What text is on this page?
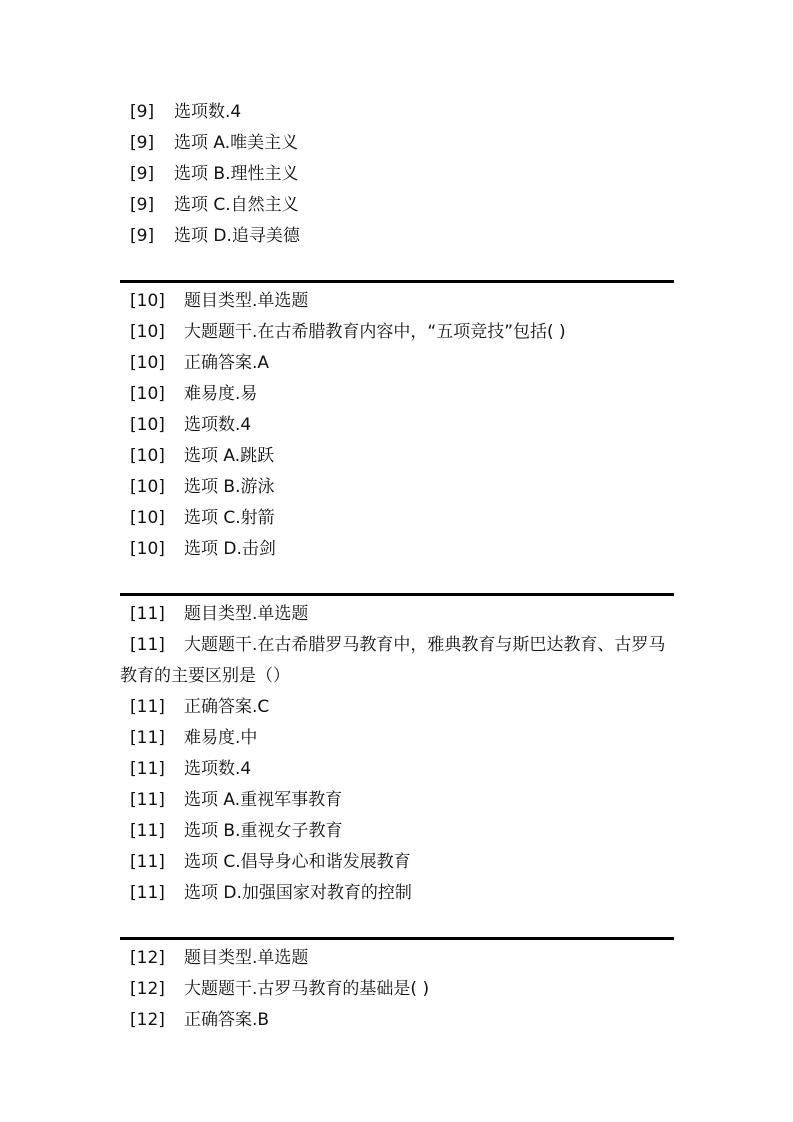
[9] 选项数.4
[9] 选项 A.唯美主义
[9] 选项 B.理性主义
[9] 选项 C.自然主义
[9] 选项 D.追寻美德
[10] 题目类型.单选题
[10] 大题题干.在古希腊教育内容中，“五项竞技”包括( )
[10] 正确答案.A
[10] 难易度.易
[10] 选项数.4
[10] 选项 A.跳跃
[10] 选项 B.游泳
[10] 选项 C.射箭
[10] 选项 D.击剑
[11] 题目类型.单选题
[11] 大题题干.在古希腊罗马教育中，雅典教育与斯巴达教育、古罗马教育的主要区别是（）
[11] 正确答案.C
[11] 难易度.中
[11] 选项数.4
[11] 选项 A.重视军事教育
[11] 选项 B.重视女子教育
[11] 选项 C.倡导身心和谐发展教育
[11] 选项 D.加强国家对教育的控制
[12] 题目类型.单选题
[12] 大题题干.古罗马教育的基础是( )
[12] 正确答案.B
